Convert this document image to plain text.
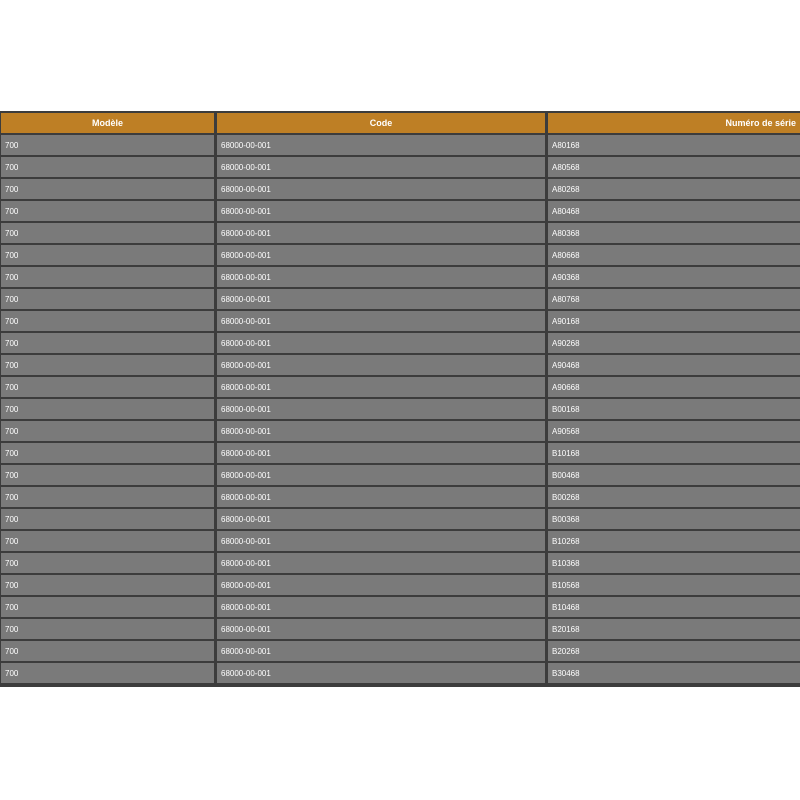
Modèle	Code	Numéro de série
700	68000-00-001	A80168
700	68000-00-001	A80568
700	68000-00-001	A80268
700	68000-00-001	A80468
700	68000-00-001	A80368
700	68000-00-001	A80668
700	68000-00-001	A90368
700	68000-00-001	A80768
700	68000-00-001	A90168
700	68000-00-001	A90268
700	68000-00-001	A90468
700	68000-00-001	A90668
700	68000-00-001	B00168
700	68000-00-001	A90568
700	68000-00-001	B10168
700	68000-00-001	B00468
700	68000-00-001	B00268
700	68000-00-001	B00368
700	68000-00-001	B10268
700	68000-00-001	B10368
700	68000-00-001	B10568
700	68000-00-001	B10468
700	68000-00-001	B20168
700	68000-00-001	B20268
700	68000-00-001	B30468
